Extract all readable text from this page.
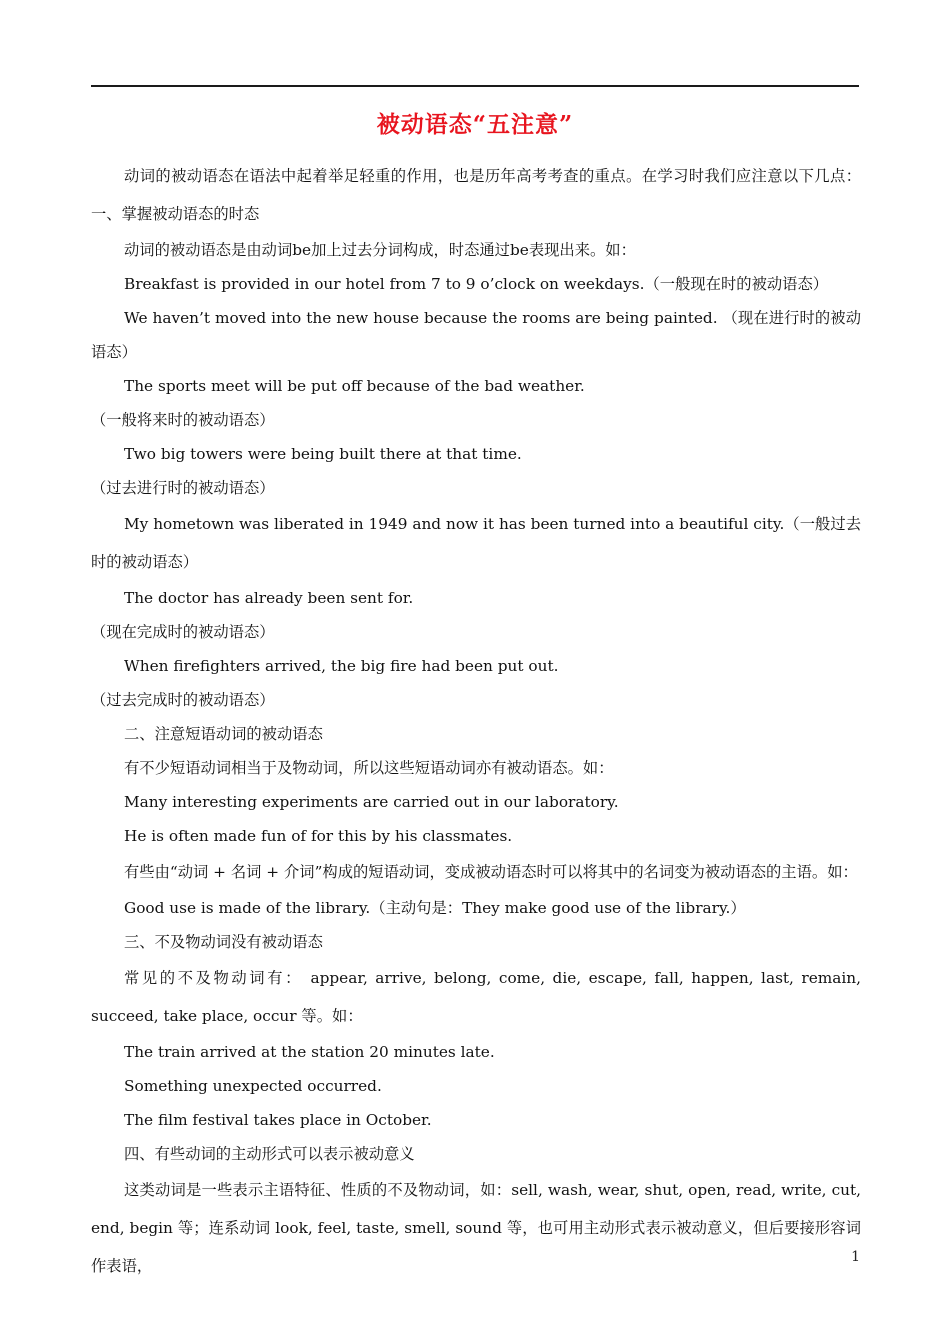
被动语态“五注意”

动词的被动语态在语法中起着举足轻重的作用，也是历年高考考查的重点。在学习时我们应注意以下几点：一、掌握被动语态的时态

动词的被动语态是由动词be加上过去分词构成，时态通过be表现出来。如：

Breakfast is provided in our hotel from 7 to 9 o’clock on weekdays.（一般现在时的被动语态）

We haven’t moved into the new house because the rooms are being painted. （现在进行时的被动语态）

The sports meet will be put off because of the bad weather.

（一般将来时的被动语态）

Two big towers were being built there at that time.

（过去进行时的被动语态）

My hometown was liberated in 1949 and now it has been turned into a beautiful city.（一般过去时的被动语态）

The doctor has already been sent for.

（现在完成时的被动语态）

When firefighters arrived, the big fire had been put out.

（过去完成时的被动语态）

二、注意短语动词的被动语态

有不少短语动词相当于及物动词，所以这些短语动词亦有被动语态。如：

Many interesting experiments are carried out in our laboratory.

He is often made fun of for this by his classmates.

有些由“动词 + 名词 + 介词”构成的短语动词，变成被动语态时可以将其中的名词变为被动语态的主语。如：

Good use is made of the library.（主动句是：They make good use of the library.）

三、不及物动词没有被动语态

常见的不及物动词有： appear, arrive, belong, come, die, escape, fall, happen, last, remain, succeed, take place, occur 等。如：

The train arrived at the station 20 minutes late.

Something unexpected occurred.

The film festival takes place in October.

四、有些动词的主动形式可以表示被动意义

这类动词是一些表示主语特征、性质的不及物动词，如：sell, wash, wear, shut, open, read, write, cut, end, begin 等；连系动词 look, feel, taste, smell, sound 等，也可用主动形式表示被动意义，但后要接形容词作表语，	1
